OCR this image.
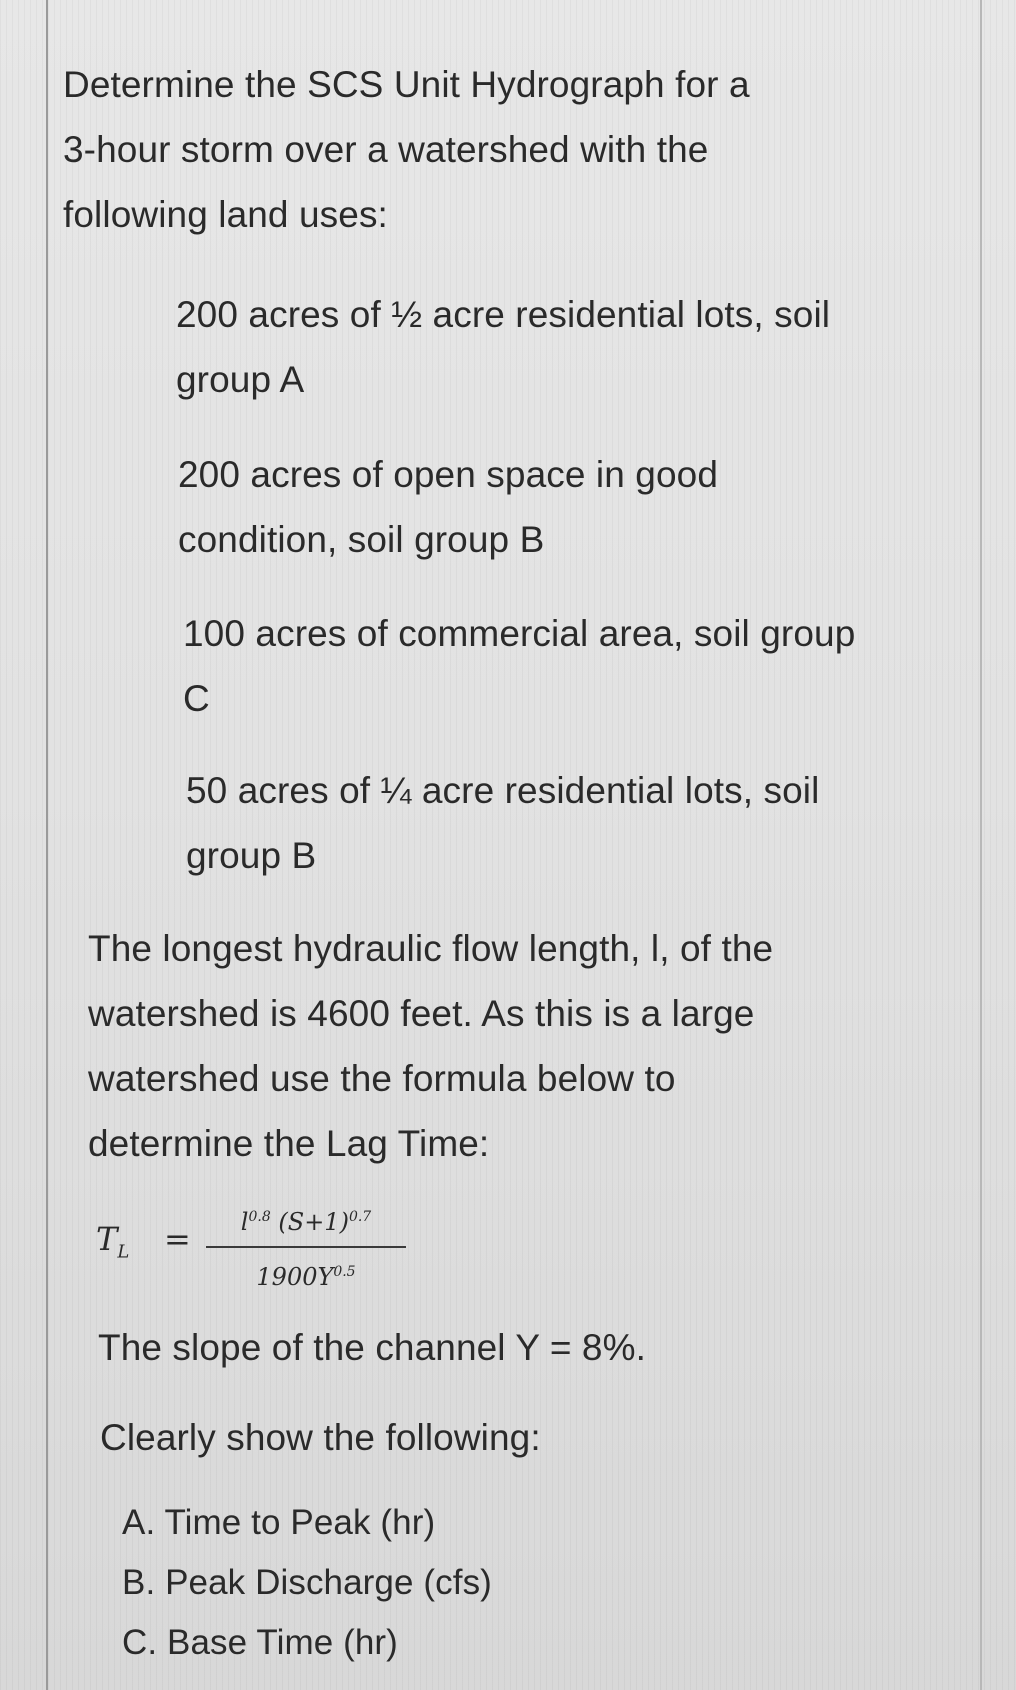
Determine the SCS Unit Hydrograph for a
3-hour storm over a watershed with the
following land uses:
200 acres of ½ acre residential lots, soil
group A
200 acres of open space in good
condition, soil group B
100 acres of commercial area, soil group
C
50 acres of ¼ acre residential lots, soil
group B
The longest hydraulic flow length, l, of the
watershed is 4600 feet. As this is a large
watershed use the formula below to
determine the Lag Time:
$T_L$ =	$l^{0.8}$ $(S+1)^{0.7}$
$1900Y^{0.5}$
The slope of the channel Y = 8%.
Clearly show the following:
A. Time to Peak (hr)
B. Peak Discharge (cfs)
C. Base Time (hr)
